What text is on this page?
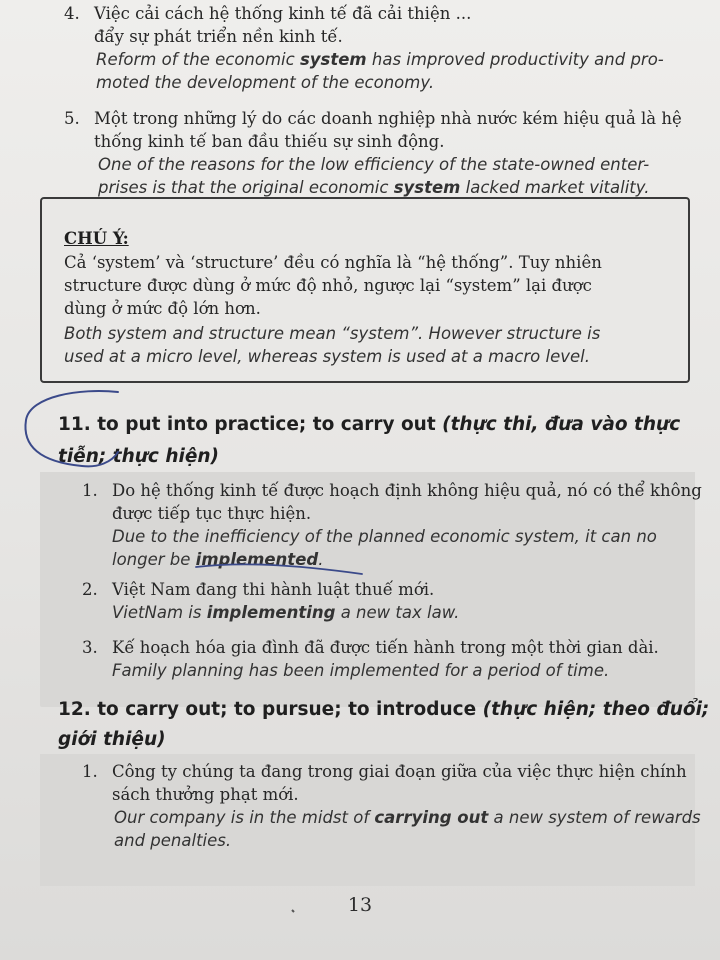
4. Việc cải cách hệ thống kinh tế đã cải thiện ...
đẩy sự phát triển nền kinh tế.
Reform of the economic system has improved productivity and pro-
moted the development of the economy.
5. Một trong những lý do các doanh nghiệp nhà nước kém hiệu quả là hệ
thống kinh tế ban đầu thiếu sự sinh động.
One of the reasons for the low efficiency of the state-owned enter-
prises is that the original economic system lacked market vitality.
CHÚ Ý:
Cả ‘system’ và ‘structure’ đều có nghĩa là “hệ thống”. Tuy nhiên
structure được dùng ở mức độ nhỏ, ngược lại “system” lại được
dùng ở mức độ lớn hơn.
Both system and structure mean “system”. However structure is
used at a micro level, whereas system is used at a macro level.
11. to put into practice; to carry out (thực thi, đưa vào thực
tiễn; thực hiện)
1. Do hệ thống kinh tế được hoạch định không hiệu quả, nó có thể không
được tiếp tục thực hiện.
Due to the inefficiency of the planned economic system, it can no
longer be implemented.
2. Việt Nam đang thi hành luật thuế mới.
VietNam is implementing a new tax law.
3. Kế hoạch hóa gia đình đã được tiến hành trong một thời gian dài.
Family planning has been implemented for a period of time.
12. to carry out; to pursue; to introduce (thực hiện; theo đuổi;
giới thiệu)
1. Công ty chúng ta đang trong giai đoạn giữa của việc thực hiện chính
sách thưởng phạt mới.
Our company is in the midst of carrying out a new system of rewards
and penalties.
13
